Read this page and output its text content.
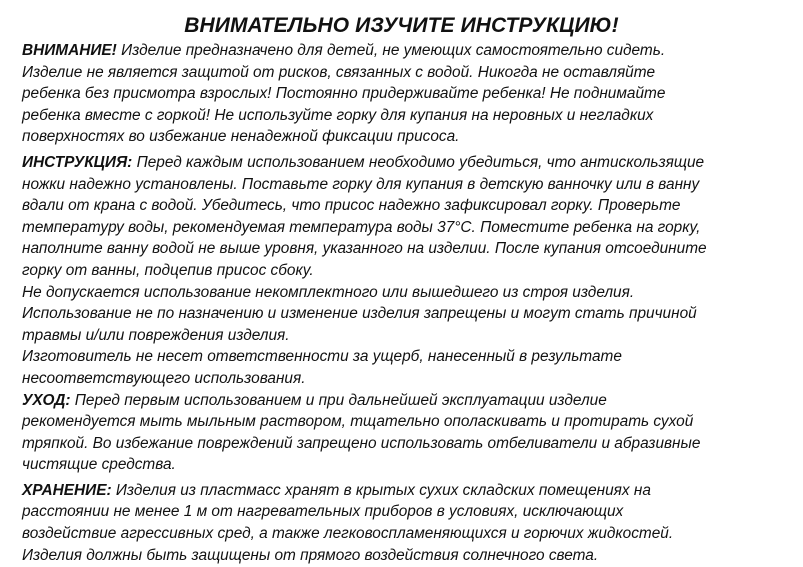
ВНИМАТЕЛЬНО ИЗУЧИТЕ ИНСТРУКЦИЮ!
ВНИМАНИЕ! Изделие предназначено для детей, не умеющих самостоятельно сидеть.
Изделие не является защитой от рисков, связанных с водой. Никогда не оставляйте
ребенка без присмотра взрослых! Постоянно придерживайте ребенка! Не поднимайте
ребенка вместе с горкой! Не используйте горку для купания на неровных и негладких
поверхностях во избежание ненадежной фиксации присоса.
ИНСТРУКЦИЯ: Перед каждым использованием необходимо убедиться, что антискользящие
ножки надежно установлены. Поставьте горку для купания в детскую ванночку или в ванну
вдали от крана с водой. Убедитесь, что присос надежно зафиксировал горку. Проверьте
температуру воды, рекомендуемая температура воды 37°С. Поместите ребенка на горку,
наполните ванну водой не выше уровня, указанного на изделии. После купания отсоедините
горку от ванны, подцепив присос сбоку.
Не допускается использование некомплектного или вышедшего из строя изделия.
Использование не по назначению и изменение изделия запрещены и могут стать причиной
травмы и/или повреждения изделия.
Изготовитель не несет ответственности за ущерб, нанесенный в результате
несоответствующего использования.
УХОД: Перед первым использованием и при дальнейшей эксплуатации изделие
рекомендуется мыть мыльным раствором, тщательно ополаскивать и протирать сухой
тряпкой. Во избежание повреждений запрещено использовать отбеливатели и абразивные
чистящие средства.
ХРАНЕНИЕ: Изделия из пластмасс хранят в крытых сухих складских помещениях на
расстоянии не менее 1 м от нагревательных приборов в условиях, исключающих
воздействие агрессивных сред, а также легковоспламеняющихся и горючих жидкостей.
Изделия должны быть защищены от прямого воздействия солнечного света.
